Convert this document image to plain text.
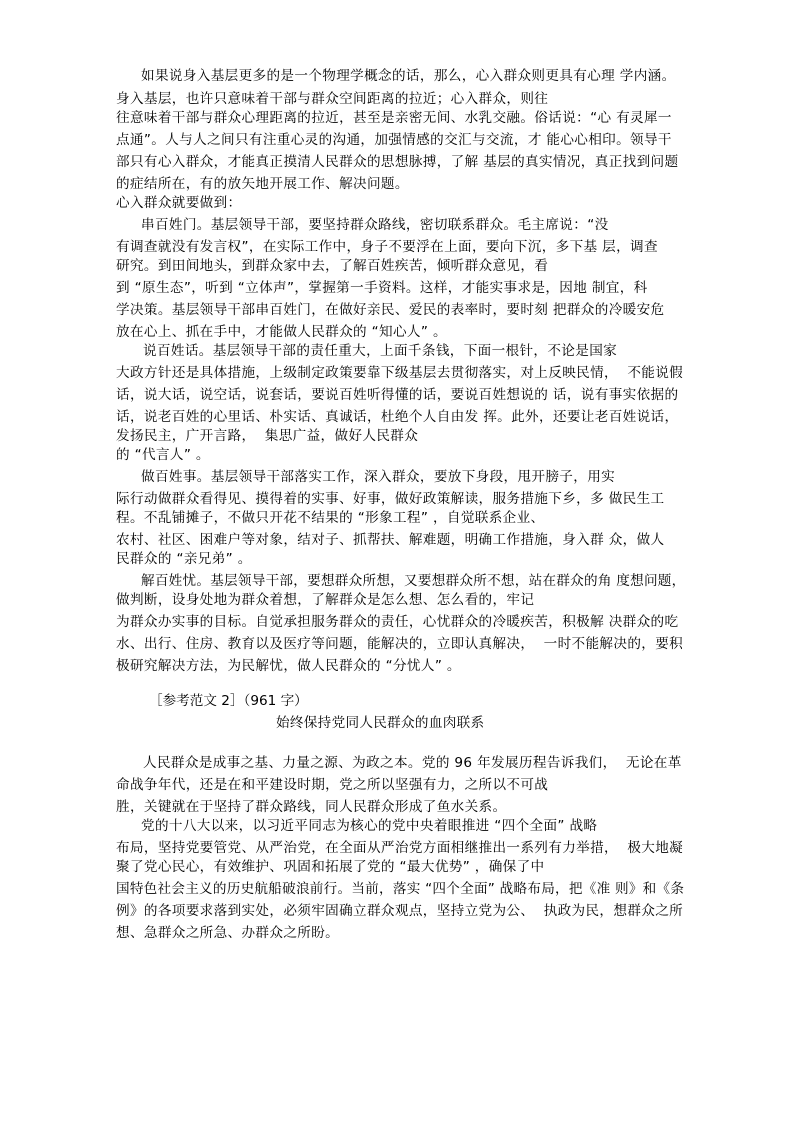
如果说身入基层更多的是一个物理学概念的话，那么，心入群众则更具有心理 学内涵。
身入基层，也许只意味着干部与群众空间距离的拉近；心入群众，则往
往意味着干部与群众心理距离的拉近，甚至是亲密无间、水乳交融。俗话说：“心 有灵犀一
点通”。人与人之间只有注重心灵的沟通，加强情感的交汇与交流，才 能心心相印。领导干
部只有心入群众，才能真正摸清人民群众的思想脉搏，了解 基层的真实情况，真正找到问题
的症结所在，有的放矢地开展工作、解决问题。
心入群众就要做到：
串百姓门。基层领导干部，要坚持群众路线，密切联系群众。毛主席说：“没
有调查就没有发言权”，在实际工作中，身子不要浮在上面，要向下沉，多下基 层，调查
研究。到田间地头，到群众家中去，了解百姓疾苦，倾听群众意见，看
到 “原生态”，听到 “立体声”，掌握第一手资料。这样，才能实事求是，因地 制宜，科
学决策。基层领导干部串百姓门，在做好亲民、爱民的表率时，要时刻 把群众的冷暖安危
放在心上、抓在手中，才能做人民群众的 “知心人” 。
说百姓话。基层领导干部的责任重大，上面千条钱，下面一根针，不论是国家
大政方针还是具体措施，上级制定政策要靠下级基层去贯彻落实，对上反映民情，  不能说假
话，说大话，说空话，说套话，要说百姓听得懂的话，要说百姓想说的 话，说有事实依据的
话，说老百姓的心里话、朴实话、真诚话，杜绝个人自由发 挥。此外，还要让老百姓说话，
发扬民主，广开言路，  集思广益，做好人民群众
的 “代言人” 。
做百姓事。基层领导干部落实工作，深入群众，要放下身段，甩开膀子，用实
际行动做群众看得见、摸得着的实事、好事，做好政策解读，服务措施下乡，多 做民生工
程。不乱铺摊子，不做只开花不结果的 “形象工程” ，自觉联系企业、
农村、社区、困难户等对象，结对子、抓帮扶、解难题，明确工作措施，身入群 众，做人
民群众的 “亲兄弟” 。
解百姓忧。基层领导干部，要想群众所想，又要想群众所不想，站在群众的角 度想问题，
做判断，设身处地为群众着想，了解群众是怎么想、怎么看的，牢记
为群众办实事的目标。自觉承担服务群众的责任，心忧群众的冷暖疾苦，积极解 决群众的吃
水、出行、住房、教育以及医疗等问题，能解决的，立即认真解决，  一时不能解决的，要积
极研究解决方法，为民解忧，做人民群众的 “分忧人” 。
［参考范文 2］（961 字）
始终保持党同人民群众的血肉联系
人民群众是成事之基、力量之源、为政之本。党的 96 年发展历程告诉我们，  无论在革
命战争年代，还是在和平建设时期，党之所以坚强有力，之所以不可战
胜，关键就在于坚持了群众路线，同人民群众形成了鱼水关系。
党的十八大以来，以习近平同志为核心的党中央着眼推进 “四个全面” 战略
布局，坚持党要管党、从严治党，在全面从严治党方面相继推出一系列有力举措，  极大地凝
聚了党心民心，有效维护、巩固和拓展了党的 “最大优势” ，确保了中
国特色社会主义的历史航船破浪前行。当前，落实 “四个全面” 战略布局，把《准 则》和《条
例》的各项要求落到实处，必须牢固确立群众观点，坚持立党为公、  执政为民，想群众之所
想、急群众之所急、办群众之所盼。
